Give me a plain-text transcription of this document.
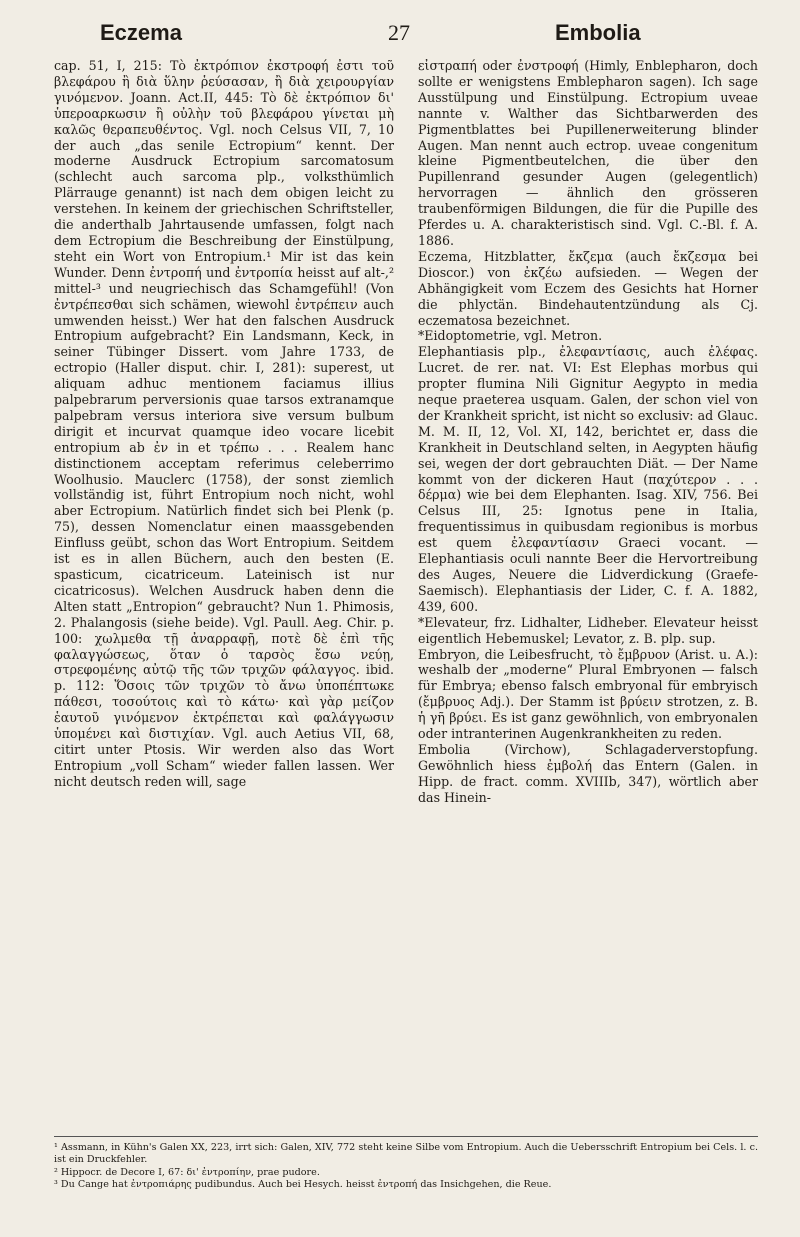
Eczema	27	Embolia

cap. 51, I, 215: Τὸ ἐκτρόπιον ἐκστροφή ἐστι τοῦ βλεφάρου ἢ διὰ ὕλην ῥεύσασαν, ἢ διὰ χειρουργίαν γινόμενον. Joann. Act.II, 445: Τὸ δὲ ἐκτρόπιον δι' ὑπεροαρκωσιν ἢ οὐλὴν τοῦ βλεφάρου γίνεται μὴ καλῶς θεραπευθέντος. Vgl. noch Celsus VII, 7, 10 der auch „das senile Ectropium“ kennt. Der moderne Ausdruck Ectropium sarcomatosum (schlecht auch sarcoma plp., volksthümlich Plärrauge genannt) ist nach dem obigen leicht zu verstehen. In keinem der griechischen Schriftsteller, die anderthalb Jahrtausende umfassen, folgt nach dem Ectropium die Beschreibung der Einstülpung, steht ein Wort von Entropium.¹ Mir ist das kein Wunder. Denn ἐντροπή und ἐντροπία heisst auf alt-,² mittel-³ und neugriechisch das Schamgefühl! (Von ἐντρέπεσθαι sich schämen, wiewohl ἐντρέπειν auch umwenden heisst.) Wer hat den falschen Ausdruck Entropium aufgebracht? Ein Landsmann, Keck, in seiner Tübinger Dissert. vom Jahre 1733, de ectropio (Haller disput. chir. I, 281): superest, ut aliquam adhuc mentionem faciamus illius palpebrarum perversionis quae tarsos extranamque palpebram versus interiora sive versum bulbum dirigit et incurvat quamque ideo vocare licebit entropium ab ἐν in et τρέπω . . . Realem hanc distinctionem acceptam referimus celeberrimo Woolhusio. Mauclerc (1758), der sonst ziemlich vollständig ist, führt Entropium noch nicht, wohl aber Ectropium. Natürlich findet sich bei Plenk (p. 75), dessen Nomenclatur einen maassgebenden Einfluss geübt, schon das Wort Entropium. Seitdem ist es in allen Büchern, auch den besten (E. spasticum, cicatriceum. Lateinisch ist nur cicatricosus). Welchen Ausdruck haben denn die Alten statt „Entropion“ gebraucht? Nun 1. Phimosis, 2. Phalangosis (siehe beide). Vgl. Paull. Aeg. Chir. p. 100: χωλμεθα τῇ ἀναρραφῇ, ποτὲ δὲ ἐπὶ τῆς φαλαγγώσεως, ὅταν ὁ ταρσὸς ἔσω νεύῃ, στρεφομένης αὐτῷ τῆς τῶν τριχῶν φάλαγγος. ibid. p. 112: Ὅσοις τῶν τριχῶν τὸ ἄνω ὑποπέπτωκε πάθεσι, τοσούτοις καὶ τὸ κάτω· καὶ γὰρ μείζον ἑαυτοῦ γινόμενον ἐκτρέπεται καὶ φαλάγγωσιν ὑπομένει καὶ διστιχίαν. Vgl. auch Aetius VII, 68, citirt unter Ptosis. Wir werden also das Wort Entropium „voll Scham“ wieder fallen lassen. Wer nicht deutsch reden will, sage

εἰστραπή oder ἐνστροφή (Himly, Enblepharon, doch sollte er wenigstens Emblepharon sagen). Ich sage Ausstülpung und Einstülpung. Ectropium uveae nannte v. Walther das Sichtbarwerden des Pigmentblattes bei Pupillenerweiterung blinder Augen. Man nennt auch ectrop. uveae congenitum kleine Pigmentbeutelchen, die über den Pupillenrand gesunder Augen (gelegentlich) hervorragen — ähnlich den grösseren traubenförmigen Bildungen, die für die Pupille des Pferdes u. A. charakteristisch sind. Vgl. C.-Bl. f. A. 1886.

Eczema, Hitzblatter, ἔκζεμα (auch ἔκζεσμα bei Dioscor.) von ἐκζέω aufsieden. — Wegen der Abhängigkeit vom Eczem des Gesichts hat Horner die phlyctän. Bindehautentzündung als Cj. eczematosa bezeichnet.

*Eidoptometrie, vgl. Metron.

Elephantiasis plp., ἐλεφαντίασις, auch ἐλέφας. Lucret. de rer. nat. VI: Est Elephas morbus qui propter flumina Nili Gignitur Aegypto in media neque praeterea usquam. Galen, der schon viel von der Krankheit spricht, ist nicht so exclusiv: ad Glauc. M. M. II, 12, Vol. XI, 142, berichtet er, dass die Krankheit in Deutschland selten, in Aegypten häufig sei, wegen der dort gebrauchten Diät. — Der Name kommt von der dickeren Haut (παχύτερον . . . δέρμα) wie bei dem Elephanten. Isag. XIV, 756. Bei Celsus III, 25: Ignotus pene in Italia, frequentissimus in quibusdam regionibus is morbus est quem ἐλεφαντίασιν Graeci vocant. — Elephantiasis oculi nannte Beer die Hervortreibung des Auges, Neuere die Lidverdickung (Graefe-Saemisch). Elephantiasis der Lider, C. f. A. 1882, 439, 600.

*Elevateur, frz. Lidhalter, Lidheber. Elevateur heisst eigentlich Hebemuskel; Levator, z. B. plp. sup.

Embryon, die Leibesfrucht, τὸ ἔμβρυον (Arist. u. A.): weshalb der „moderne“ Plural Embryonen — falsch für Embrya; ebenso falsch embryonal für embryisch (ἔμβρυος Adj.). Der Stamm ist βρύειν strotzen, z. B. ἡ γῆ βρύει. Es ist ganz gewöhnlich, von embryonalen oder intranterinen Augenkrankheiten zu reden.

Embolia (Virchow), Schlagaderverstopfung. Gewöhnlich hiess ἐμβολή das Entern (Galen. in Hipp. de fract. comm. XVIIIb, 347), wörtlich aber das Hinein-

¹ Assmann, in Kühn's Galen XX, 223, irrt sich: Galen, XIV, 772 steht keine Silbe vom Entropium. Auch die Uebersschrift Entropium bei Cels. l. c. ist ein Druckfehler.

² Hippocr. de Decore I, 67: δι' ἐντροπίην, prae pudore.

³ Du Cange hat ἐντροπιάρης pudibundus. Auch bei Hesych. heisst ἐντροπή das Insichgehen, die Reue.
